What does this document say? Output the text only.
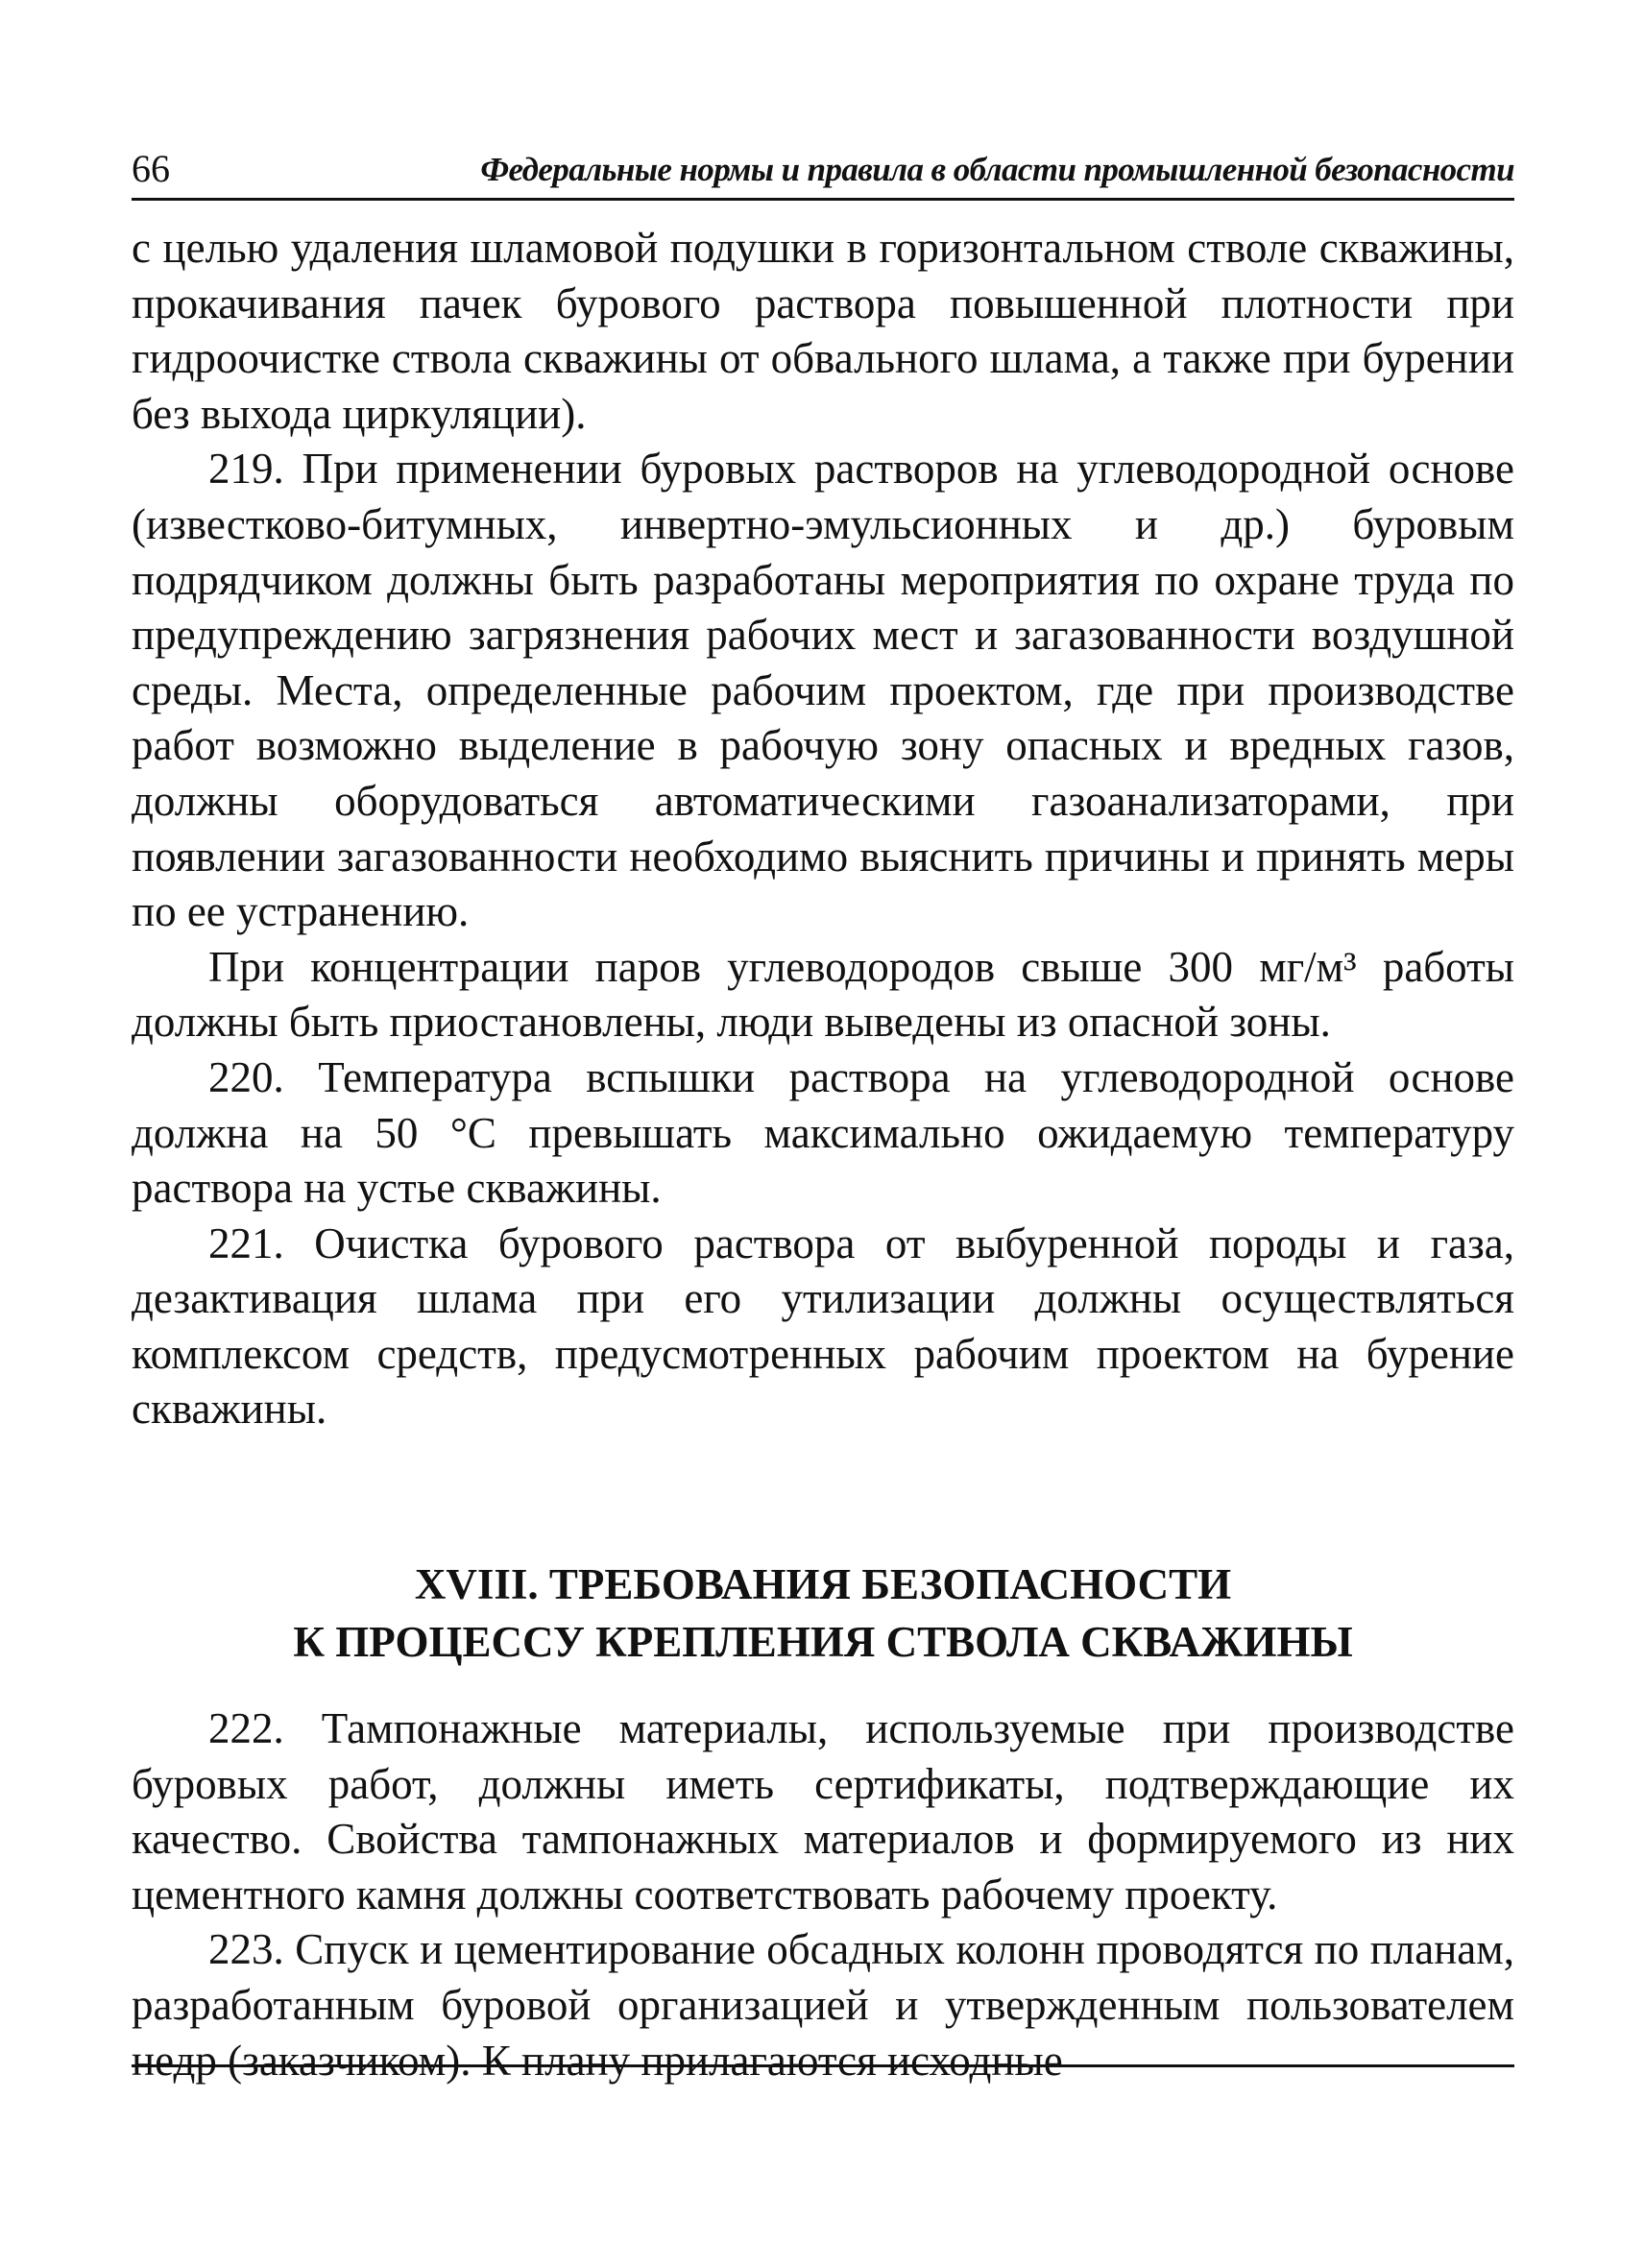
66	Федеральные нормы и правила в области промышленной безопасности

с целью удаления шламовой подушки в горизонтальном стволе скважины, прокачивания пачек бурового раствора повышенной плотности при гидроочистке ствола скважины от обвального шлама, а также при бурении без выхода циркуляции).

219. При применении буровых растворов на углеводородной основе (известково-битумных, инвертно-эмульсионных и др.) буровым подрядчиком должны быть разработаны мероприятия по охране труда по предупреждению загрязнения рабочих мест и загазованности воздушной среды. Места, определенные рабочим проектом, где при производстве работ возможно выделение в рабочую зону опасных и вредных газов, должны оборудоваться автоматическими газоанализаторами, при появлении загазованности необходимо выяснить причины и принять меры по ее устранению.

При концентрации паров углеводородов свыше 300 мг/м³ работы должны быть приостановлены, люди выведены из опасной зоны.

220. Температура вспышки раствора на углеводородной основе должна на 50 °С превышать максимально ожидаемую температуру раствора на устье скважины.

221. Очистка бурового раствора от выбуренной породы и газа, дезактивация шлама при его утилизации должны осуществляться комплексом средств, предусмотренных рабочим проектом на бурение скважины.

XVIII. ТРЕБОВАНИЯ БЕЗОПАСНОСТИ
К ПРОЦЕССУ КРЕПЛЕНИЯ СТВОЛА СКВАЖИНЫ

222. Тампонажные материалы, используемые при производстве буровых работ, должны иметь сертификаты, подтверждающие их качество. Свойства тампонажных материалов и формируемого из них цементного камня должны соответствовать рабочему проекту.

223. Спуск и цементирование обсадных колонн проводятся по планам, разработанным буровой организацией и утвержденным пользователем недр (заказчиком). К плану прилагаются исходные
